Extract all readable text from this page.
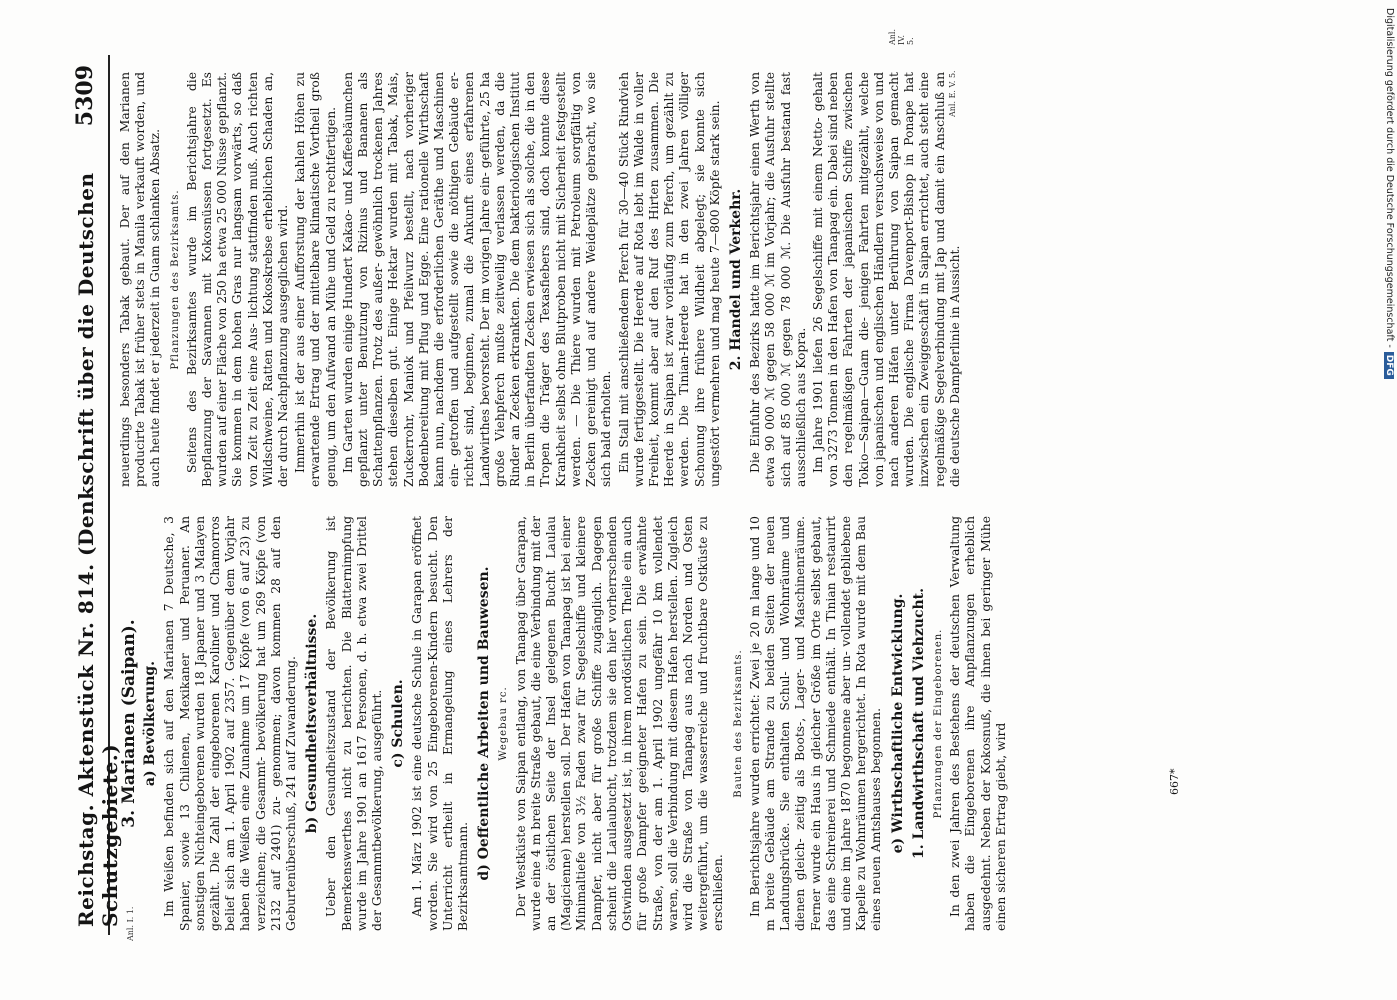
Reichstag. Aktenstück Nr. 814. (Denkschrift über die Deutschen Schutzgebiete.)
5309
3. Marianen (Saipan). a) Bevölkerung. Im Weißen befinden sich auf den Marianen 7 Deutsche, 3 Spanier, sowie 13 Chilenen, Mexikaner und Peruaner. An sonstigen Nichteingeborenen wurden 18 Japaner und 3 Malayen gezählt. Die Zahl der eingeborenen Karoliner und Chamorros belief sich am 1. April 1902 auf 2357. Gegenüber dem Vorjahr haben die Weißen eine Zunahme um 17 Köpfe (von 6 auf 23) zu verzeichnen; die Gesammt- bevölkerung hat um 269 Köpfe (von 2132 auf 2401) zu- genommen; davon kommen 28 auf den Geburtenüberschuß, 241 auf Zuwanderung. b) Gesundheitsverhältnisse. Ueber den Gesundheitszustand der Bevölkerung ist Bemerkenswerthes nicht zu berichten. Die Blatternimpfung wurde im Jahre 1901 an 1617 Personen, d. h. etwa zwei Drittel der Gesammtbevölkerung, ausgeführt. c) Schulen. Am 1. März 1902 ist eine deutsche Schule in Garapan eröffnet worden. Sie wird von 25 Eingeborenen-Kindern besucht. Den Unterricht ertheilt in Ermangelung eines Lehrers der Bezirksamtmann. d) Oeffentliche Arbeiten und Bauwesen. Wegebau rc. Der Westküste von Saipan entlang, von Tanapag über Garapan, wurde eine 4 m breite Straße gebaut, die eine Verbindung mit der an der östlichen Seite der Insel gelegenen Bucht Laulau (Magicienne) herstellen soll. Der Hafen von Tanapag ist bei einer Minimaltiefe von 3½ Faden zwar für Segelschiffe und kleinere Dampfer, nicht aber für große Schiffe zugänglich. Dagegen scheint die Laulaubucht, trotzdem sie den hier vorherrschenden Ostwinden ausgesetzt ist, in ihrem nordöstlichen Theile ein auch für große Dampfer geeigneter Hafen zu sein. Die erwähnte Straße, von der am 1. April 1902 ungefähr 10 km vollendet waren, soll die Verbindung mit diesem Hafen herstellen. Zugleich wird die Straße von Tanapag aus nach Norden und Osten weitergeführt, um die wasserreiche und fruchtbare Ostküste zu erschließen.

Bauten des Bezirksamts. Im Berichtsjahre wurden errichtet: Zwei je 20 m lange und 10 m breite Gebäude am Strande zu beiden Seiten der neuen Landungsbrücke. Sie enthalten Schul- und Wohnräume und dienen gleich- zeitig als Boots-, Lager- und Maschinenräume. Ferner wurde ein Haus in gleicher Größe im Orte selbst gebaut, das eine Schreinerei und Schmiede enthält. In Tinian restaurirt und eine im Jahre 1870 begonnene aber un- vollendet gebliebene Kapelle zu Wohnräumen hergerichtet. In Rota wurde mit dem Bau eines neuen Amtshauses begonnen. e) Wirthschaftliche Entwicklung. 1. Landwirthschaft und Viehzucht. Pflanzungen der Eingeborenen. In den zwei Jahren des Bestehens der deutschen Verwaltung haben die Eingeborenen ihre Anpflanzungen erheblich ausgedehnt. Neben der Kokosnuß, die ihnen bei geringer Mühe einen sicheren Ertrag giebt, wird

neuerdings besonders Tabak gebaut. Der auf den Marianen producirte Tabak ist früher stets in Manila verkauft worden, und auch heute findet er jederzeit in Guam schlanken Absatz. Pflanzungen des Bezirksamts. Seitens des Bezirksamtes wurde im Berichtsjahre die Bepflanzung der Savannen mit Kokosnüssen fortgesetzt. Es wurden auf einer Fläche von 250 ha etwa 25 000 Nüsse gepflanzt. Sie kommen in dem hohen Gras nur langsam vorwärts, so daß von Zeit zu Zeit eine Aus- lichtung stattfinden muß. Auch richten Wildschweine, Ratten und Kokoskrebse erheblichen Schaden an, der durch Nachpflanzung ausgeglichen wird. Immerhin ist der aus einer Aufforstung der kahlen Höhen zu erwartende Ertrag und der mittelbare klimatische Vortheil groß genug, um den Aufwand an Mühe und Geld zu rechtfertigen. Im Garten wurden einige Hundert Kakao- und Kaffeebäumchen gepflanzt unter Benutzung von Rizinus und Bananen als Schattenpflanzen. Trotz des außer- gewöhnlich trockenen Jahres stehen dieselben gut. Einige Hektar wurden mit Tabak, Mais, Zuckerrohr, Maniok und Pfeilwurz bestellt, nach vorheriger Bodenbereitung mit Pflug und Egge. Eine rationelle Wirthschaft kann nun, nachdem die erforderlichen Geräthe und Maschinen ein- getroffen und aufgestellt sowie die nöthigen Gebäude er- richtet sind, beginnen, zumal die Ankunft eines erfahrenen Landwirthes bevorsteht. Der im vorigen Jahre ein- geführte, 25 ha große Viehpferch mußte zeitweilig verlassen werden, da die Rinder an Zecken erkrankten. Die dem bakteriologischen Institut in Berlin überfandten Zecken erwiesen sich als solche, die in den Tropen die Träger des Texasfiebers sind, doch konnte diese Krankheit selbst ohne Blutproben nicht mit Sicherheit festgestellt werden. — Die Thiere wurden mit Petroleum sorgfältig von Zecken gereinigt und auf andere Weideplätze gebracht, wo sie sich bald erholten. Ein Stall mit anschließendem Pferch für 30—40 Stück Rindvieh wurde fertiggestellt. Die Heerde auf Rota lebt im Walde in voller Freiheit, kommt aber auf den Ruf des Hirten zusammen. Die Heerde in Saipan ist zwar vorläufig zum Pferch, um gezählt zu werden. Die Tinian-Heerde hat in den zwei Jahren völliger Schonung ihre frühere Wildheit abgelegt; sie konnte sich ungestört vermehren und mag heute 7—800 Köpfe stark sein. 2. Handel und Verkehr. Die Einfuhr des Bezirks hatte im Berichtsjahr einen Werth von etwa 90 000 ℳ gegen 58 000 ℳ im Vorjahr; die Ausfuhr stellte sich auf 85 000 ℳ gegen 78 000 ℳ. Die Ausfuhr bestand fast ausschließlich aus Kopra. Im Jahre 1901 liefen 26 Segelschiffe mit einem Netto- gehalt von 3273 Tonnen in den Hafen von Tanapag ein. Dabei sind neben den regelmäßigen Fahrten der japanischen Schiffe zwischen Tokio—Saipan—Guam die- jenigen Fahrten mitgezählt, welche von japanischen und englischen Händlern versuchsweise von und nach anderen Häfen unter Berührung von Saipan gemacht wurden. Die englische Firma Davenport-Bishop in Ponape hat inzwischen ein Zweiggeschäft in Saipan errichtet, auch steht eine regelmäßige Segelverbindung mit Jap und damit ein Anschluß an die deutsche Dampferlinie in Aussicht.

Anl. I. 1.
Anl. IV. 5.
Anl. E. V. 5.
667*
Digitalisierung gefördert durch die Deutsche Forschungsgemeinschaft -DFG
